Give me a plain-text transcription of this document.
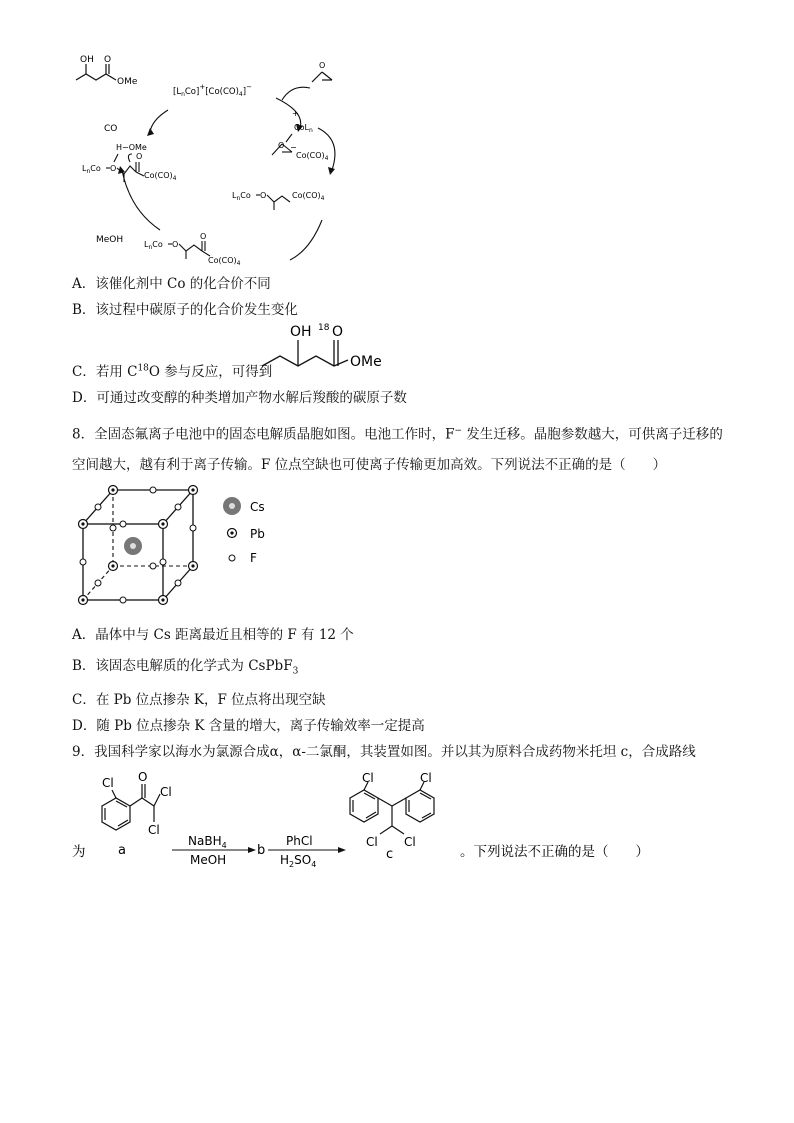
OH O
OMe
$[L_nCo]^+[Co(CO)_4]^-$
O
CO
MeOH
+
CoL$_n$
O −
$Co(CO)_4$
$L_nCo$ O	$Co(CO)_4$
$L_nCo$ O
O
$Co(CO)_4$
H−OMe
$L_nCo$ O
O
$Co(CO)_4$
A．该催化剂中 Co 的化合价不同
B．该过程中碳原子的化合价发生变化
C．若用 $C^{18}O$ 参与反应，可得到
OH 18 O
OMe
D．可通过改变醇的种类增加产物水解后羧酸的碳原子数
8．全固态氟离子电池中的固态电解质晶胞如图。电池工作时，F− 发生迁移。晶胞参数越大，可供离子迁移的空间越大，越有利于离子传输。F 位点空缺也可使离子传输更加高效。下列说法不正确的是（　　）
Cs
Pb
F
A．晶体中与 Cs 距离最近且相等的 F 有 12 个
B．该固态电解质的化学式为 CsPbF$_3$
C．在 Pb 位点掺杂 K，F 位点将出现空缺
D．随 Pb 位点掺杂 K 含量的增大，离子传输效率一定提高
9．我国科学家以海水为氯源合成α，α-二氯酮，其装置如图。并以其为原料合成药物米托坦 c，合成路线
为
Cl O
Cl
Cl
a
NaBH$_4$
MeOH
b
PhCl
$H_2SO_4$
Cl	Cl
Cl Cl
c	。下列说法不正确的是（　　）
